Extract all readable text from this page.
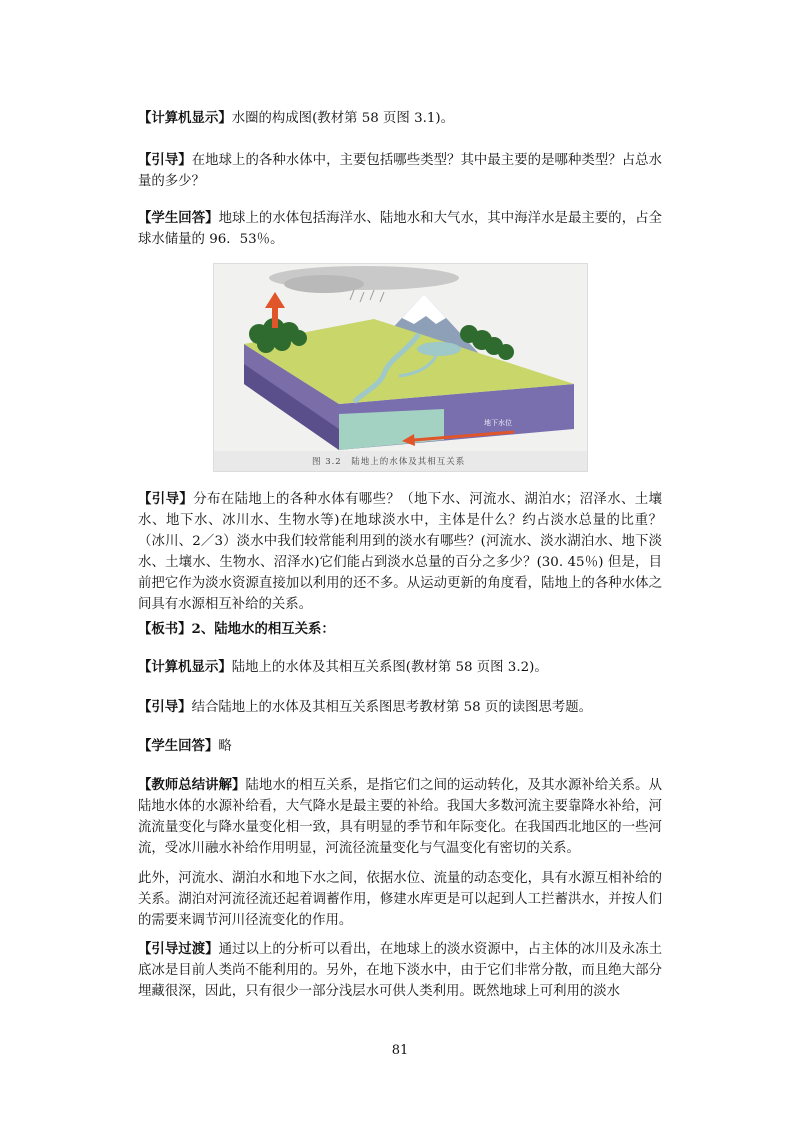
【计算机显示】水圈的构成图(教材第 58 页图 3.1)。

【引导】在地球上的各种水体中，主要包括哪些类型？其中最主要的是哪种类型？占总水量的多少？

【学生回答】地球上的水体包括海洋水、陆地水和大气水，其中海洋水是最主要的，占全球水储量的 96．53％。

地下水位
图 3.2　陆地上的水体及其相互关系

【引导】分布在陆地上的各种水体有哪些？（地下水、河流水、湖泊水；沼泽水、土壤水、地下水、冰川水、生物水等)在地球淡水中，主体是什么？约占淡水总量的比重？（冰川、2／3）淡水中我们较常能利用到的淡水有哪些？(河流水、淡水湖泊水、地下淡水、土壤水、生物水、沼泽水)它们能占到淡水总量的百分之多少？(30. 45％) 但是，目前把它作为淡水资源直接加以利用的还不多。从运动更新的角度看，陆地上的各种水体之间具有水源相互补给的关系。

【板书】2、陆地水的相互关系：

【计算机显示】陆地上的水体及其相互关系图(教材第 58 页图 3.2)。

【引导】结合陆地上的水体及其相互关系图思考教材第 58 页的读图思考题。

【学生回答】略

【教师总结讲解】陆地水的相互关系，是指它们之间的运动转化，及其水源补给关系。从陆地水体的水源补给看，大气降水是最主要的补给。我国大多数河流主要靠降水补给，河流流量变化与降水量变化相一致，具有明显的季节和年际变化。在我国西北地区的一些河流，受冰川融水补给作用明显，河流径流量变化与气温变化有密切的关系。

此外，河流水、湖泊水和地下水之间，依据水位、流量的动态变化，具有水源互相补给的关系。湖泊对河流径流还起着调蓄作用，修建水库更是可以起到人工拦蓄洪水，并按人们的需要来调节河川径流变化的作用。

【引导过渡】通过以上的分析可以看出，在地球上的淡水资源中，占主体的冰川及永冻土底冰是目前人类尚不能利用的。另外，在地下淡水中，由于它们非常分散，而且绝大部分埋藏很深，因此，只有很少一部分浅层水可供人类利用。既然地球上可利用的淡水

81
